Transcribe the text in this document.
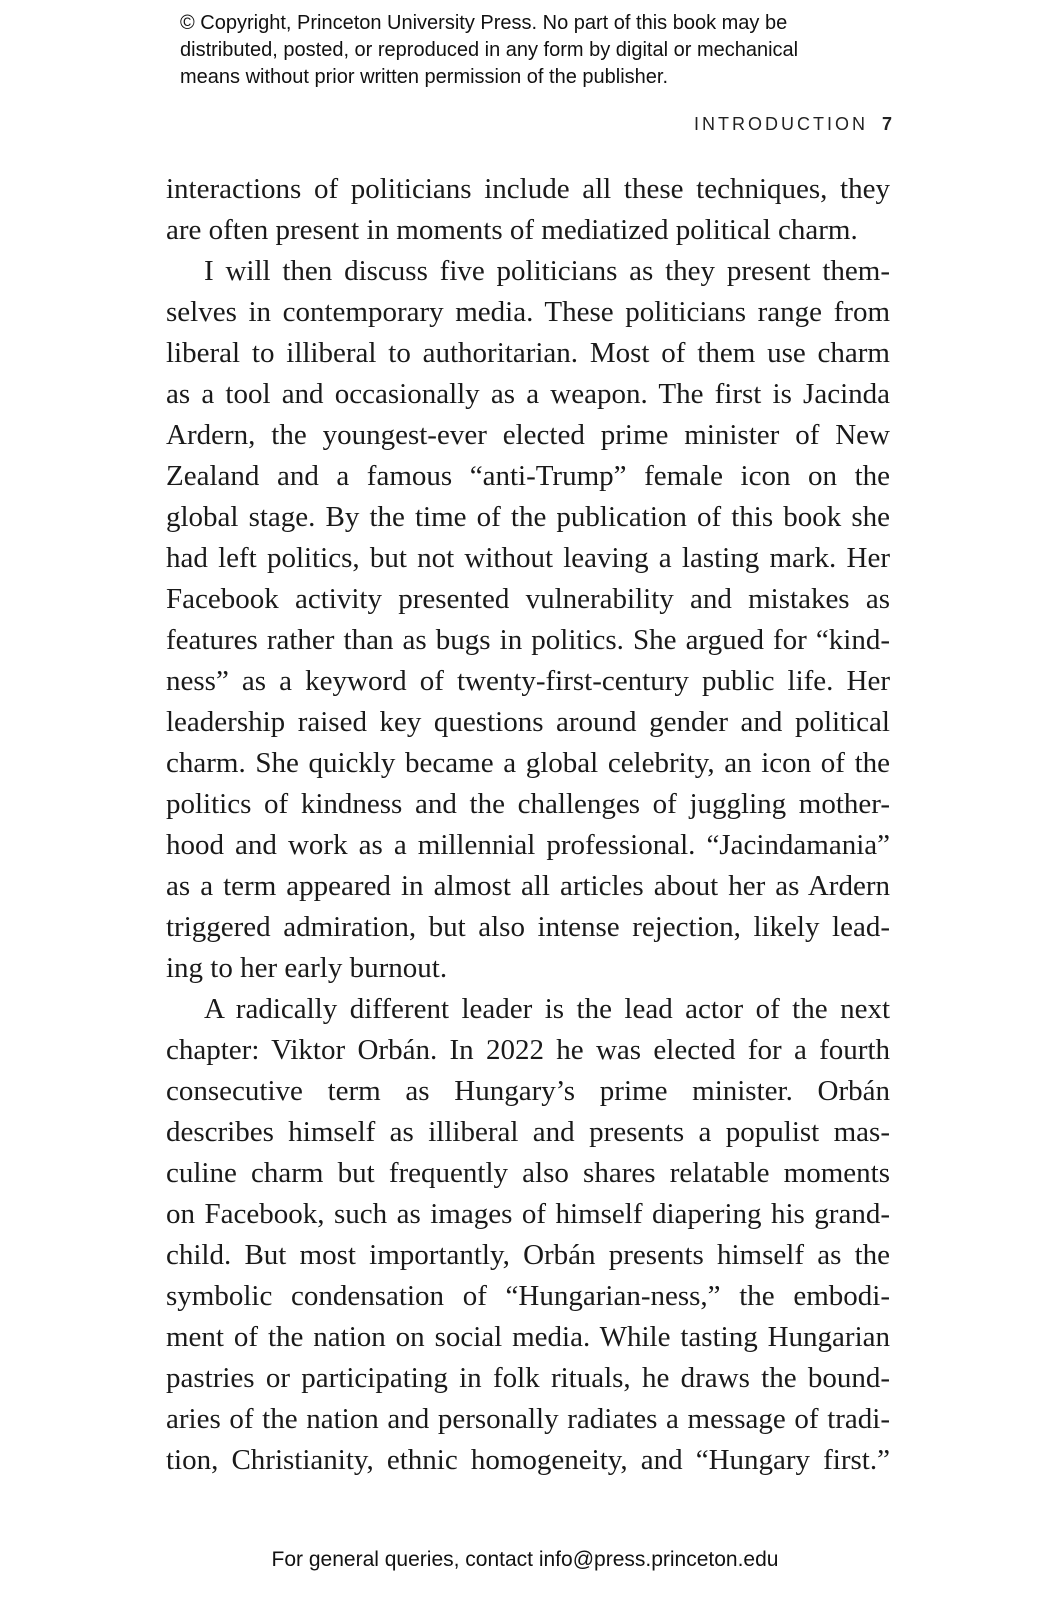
© Copyright, Princeton University Press. No part of this book may be
distributed, posted, or reproduced in any form by digital or mechanical
means without prior written permission of the publisher.
INTRODUCTION 7
interactions of politicians include all these techniques, they
are often present in moments of mediatized political charm.
I will then discuss five politicians as they present them-
selves in contemporary media. These politicians range from
liberal to illiberal to authoritarian. Most of them use charm
as a tool and occasionally as a weapon. The first is Jacinda
Ardern, the youngest-ever elected prime minister of New
Zealand and a famous “anti-Trump” female icon on the
global stage. By the time of the publication of this book she
had left politics, but not without leaving a lasting mark. Her
Facebook activity presented vulnerability and mistakes as
features rather than as bugs in politics. She argued for “kind-
ness” as a keyword of twenty-first-century public life. Her
leadership raised key questions around gender and political
charm. She quickly became a global celebrity, an icon of the
politics of kindness and the challenges of juggling mother-
hood and work as a millennial professional. “Jacindamania”
as a term appeared in almost all articles about her as Ardern
triggered admiration, but also intense rejection, likely lead-
ing to her early burnout.
A radically different leader is the lead actor of the next
chapter: Viktor Orbán. In 2022 he was elected for a fourth
consecutive term as Hungary’s prime minister. Orbán
describes himself as illiberal and presents a populist mas-
culine charm but frequently also shares relatable moments
on Facebook, such as images of himself diapering his grand-
child. But most importantly, Orbán presents himself as the
symbolic condensation of “Hungarian-ness,” the embodi-
ment of the nation on social media. While tasting Hungarian
pastries or participating in folk rituals, he draws the bound-
aries of the nation and personally radiates a message of tradi-
tion, Christianity, ethnic homogeneity, and “Hungary first.”
For general queries, contact info@press.princeton.edu
